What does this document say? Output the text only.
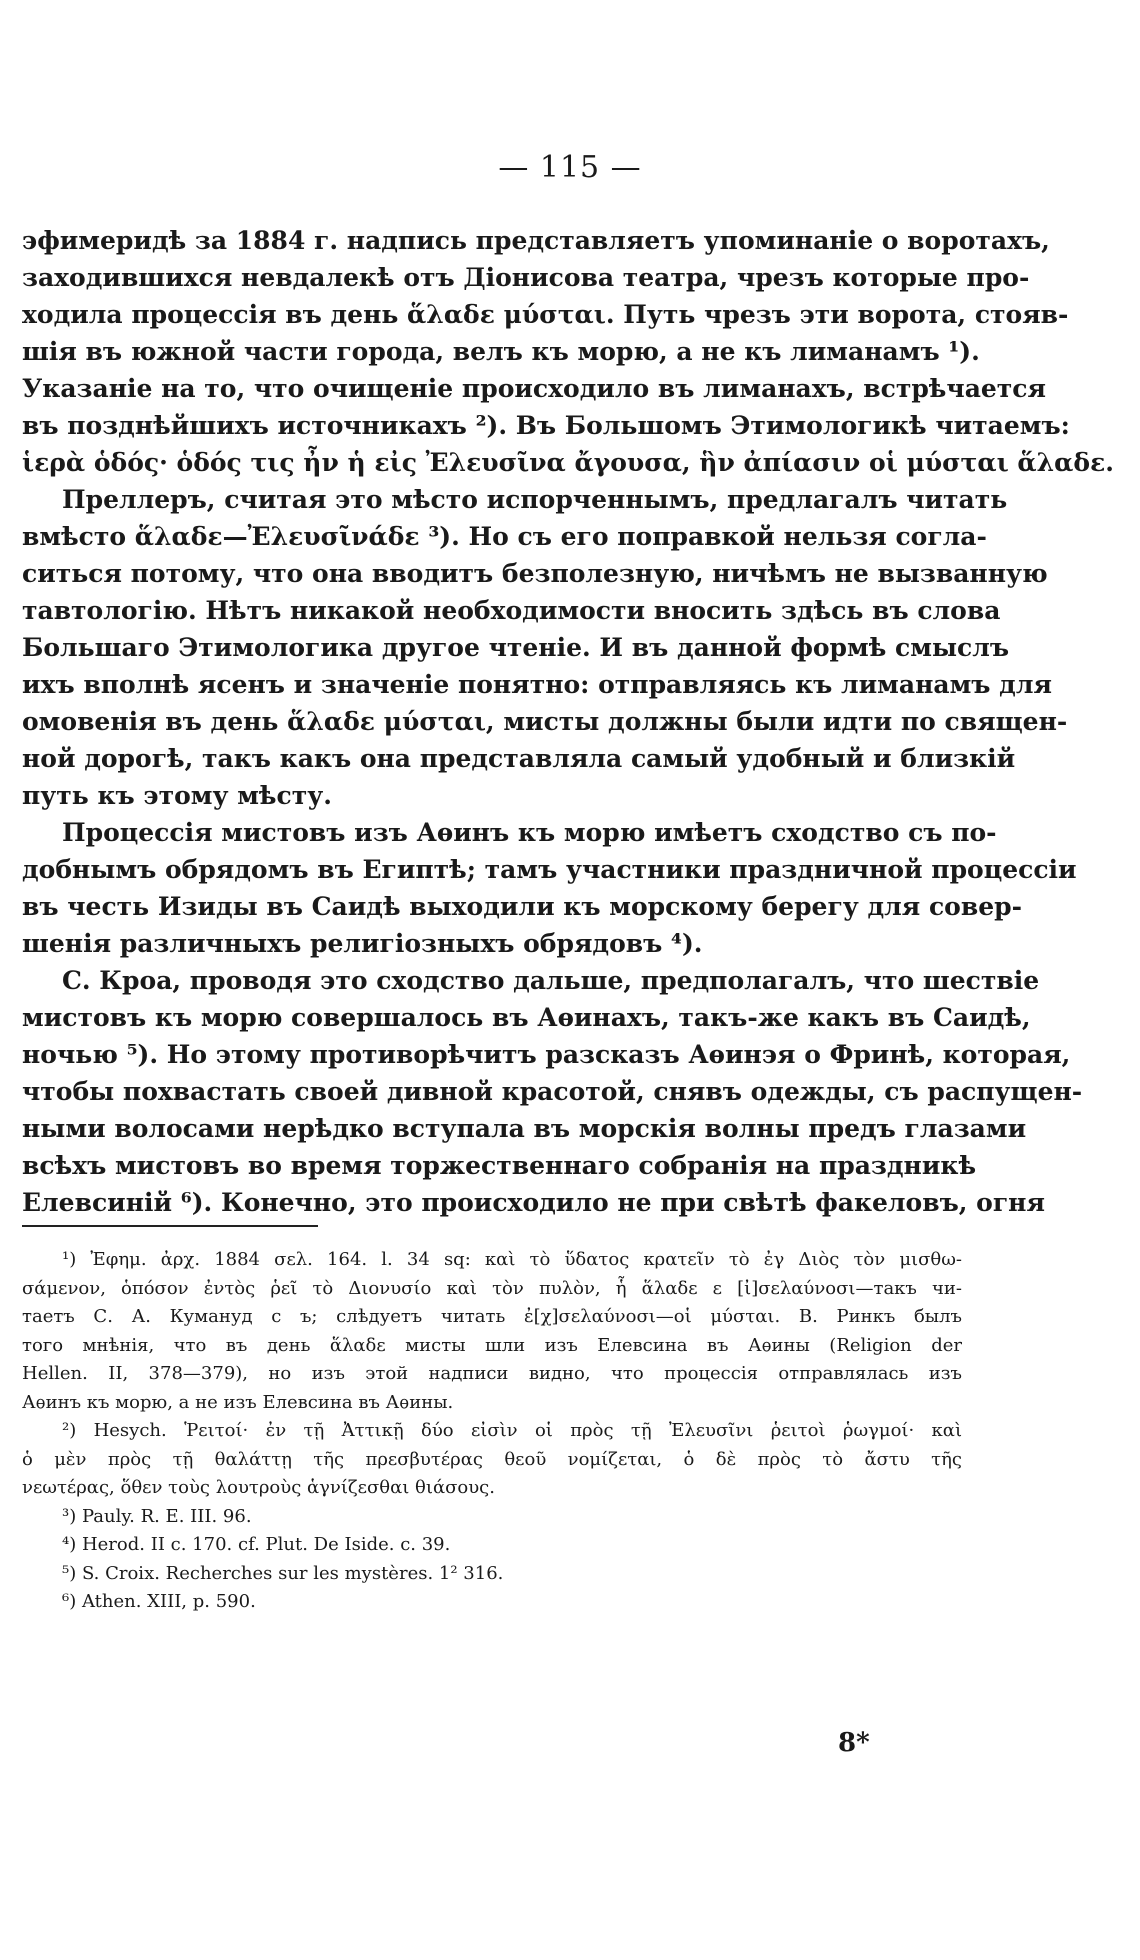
— 115 —

эфимеридѣ за 1884 г. надпись представляетъ упоминаніе о воротахъ,
заходившихся невдалекѣ отъ Діонисова театра, чрезъ которые про-
ходила процессія въ день ἅλαδε μύσται. Путь чрезъ эти ворота, стояв-
шія въ южной части города, велъ къ морю, а не къ лиманамъ ¹).
Указаніе на то, что очищеніе происходило въ лиманахъ, встрѣчается
въ позднѣйшихъ источникахъ ²). Въ Большомъ Этимологикѣ читаемъ:
ἱερὰ ὁδός· ὁδός τις ἦν ἡ εἰς Ἐλευσῖνα ἄγουσα, ἣν ἀπίασιν οἱ μύσται ἅλαδε.

Преллеръ, считая это мѣсто испорченнымъ, предлагалъ читать
вмѣсто ἅλαδε—Ἐλευσῖνάδε ³). Но съ его поправкой нельзя согла-
ситься потому, что она вводитъ безполезную, ничѣмъ не вызванную
тавтологію. Нѣтъ никакой необходимости вносить здѣсь въ слова
Большаго Этимологика другое чтеніе. И въ данной формѣ смыслъ
ихъ вполнѣ ясенъ и значеніе понятно: отправляясь къ лиманамъ для
омовенія въ день ἅλαδε μύσται, мисты должны были идти по священ-
ной дорогѣ, такъ какъ она представляла самый удобный и близкій
путь къ этому мѣсту.

Процессія мистовъ изъ Аѳинъ къ морю имѣетъ сходство съ по-
добнымъ обрядомъ въ Египтѣ; тамъ участники праздничной процессіи
въ честь Изиды въ Саидѣ выходили къ морскому берегу для совер-
шенія различныхъ религіозныхъ обрядовъ ⁴).

С. Кроа, проводя это сходство дальше, предполагалъ, что шествіе
мистовъ къ морю совершалось въ Аѳинахъ, такъ-же какъ въ Саидѣ,
ночью ⁵). Но этому противорѣчитъ разсказъ Аѳинэя о Фринѣ, которая,
чтобы похвастать своей дивной красотой, снявъ одежды, съ распущен-
ными волосами нерѣдко вступала въ морскія волны предъ глазами
всѣхъ мистовъ во время торжественнаго собранія на праздникѣ
Елевсиній ⁶). Конечно, это происходило не при свѣтѣ факеловъ, огня

¹) Ἐφημ. ἀρχ. 1884 σελ. 164. l. 34 sq: καὶ τὸ ὕδατος κρατεῖν τὸ ἐγ Διὸς τὸν μισθω-
σάμενον, ὁπόσον ἐντὸς ῥεῖ τὸ Διονυσίο καὶ τὸν πυλὸν, ἧ ἅλαδε ε [ἰ]σελαύνοσι—такъ чи-
таетъ С. А. Кумануд с ъ; слѣдуетъ читать ἐ[χ]σελαύνοσι—οἱ μύσται. В. Ринкъ былъ
того мнѣнія, что въ день ἅλαδε мисты шли изъ Елевсина въ Аѳины (Religion der
Hellen. II, 378—379), но изъ этой надписи видно, что процессія отправлялась изъ
Аѳинъ къ морю, а не изъ Елевсина въ Аѳины.
²) Hesych. Ῥειτοί· ἐν τῇ Ἀττικῇ δύο εἰσὶν οἱ πρὸς τῇ Ἐλευσῖνι ῥειτοὶ ῥωγμοί· καὶ
ὁ μὲν πρὸς τῇ θαλάττῃ τῆς πρεσβυτέρας θεοῦ νομίζεται, ὁ δὲ πρὸς τὸ ἄστυ τῆς
νεωτέρας, ὅθεν τοὺς λουτροὺς ἁγνίζεσθαι θιάσους.
³) Pauly. R. E. III. 96.
⁴) Herod. II c. 170. cf. Plut. De Iside. c. 39.
⁵) S. Croix. Recherches sur les mystères. 1² 316.
⁶) Athen. XIII, p. 590.
8*
